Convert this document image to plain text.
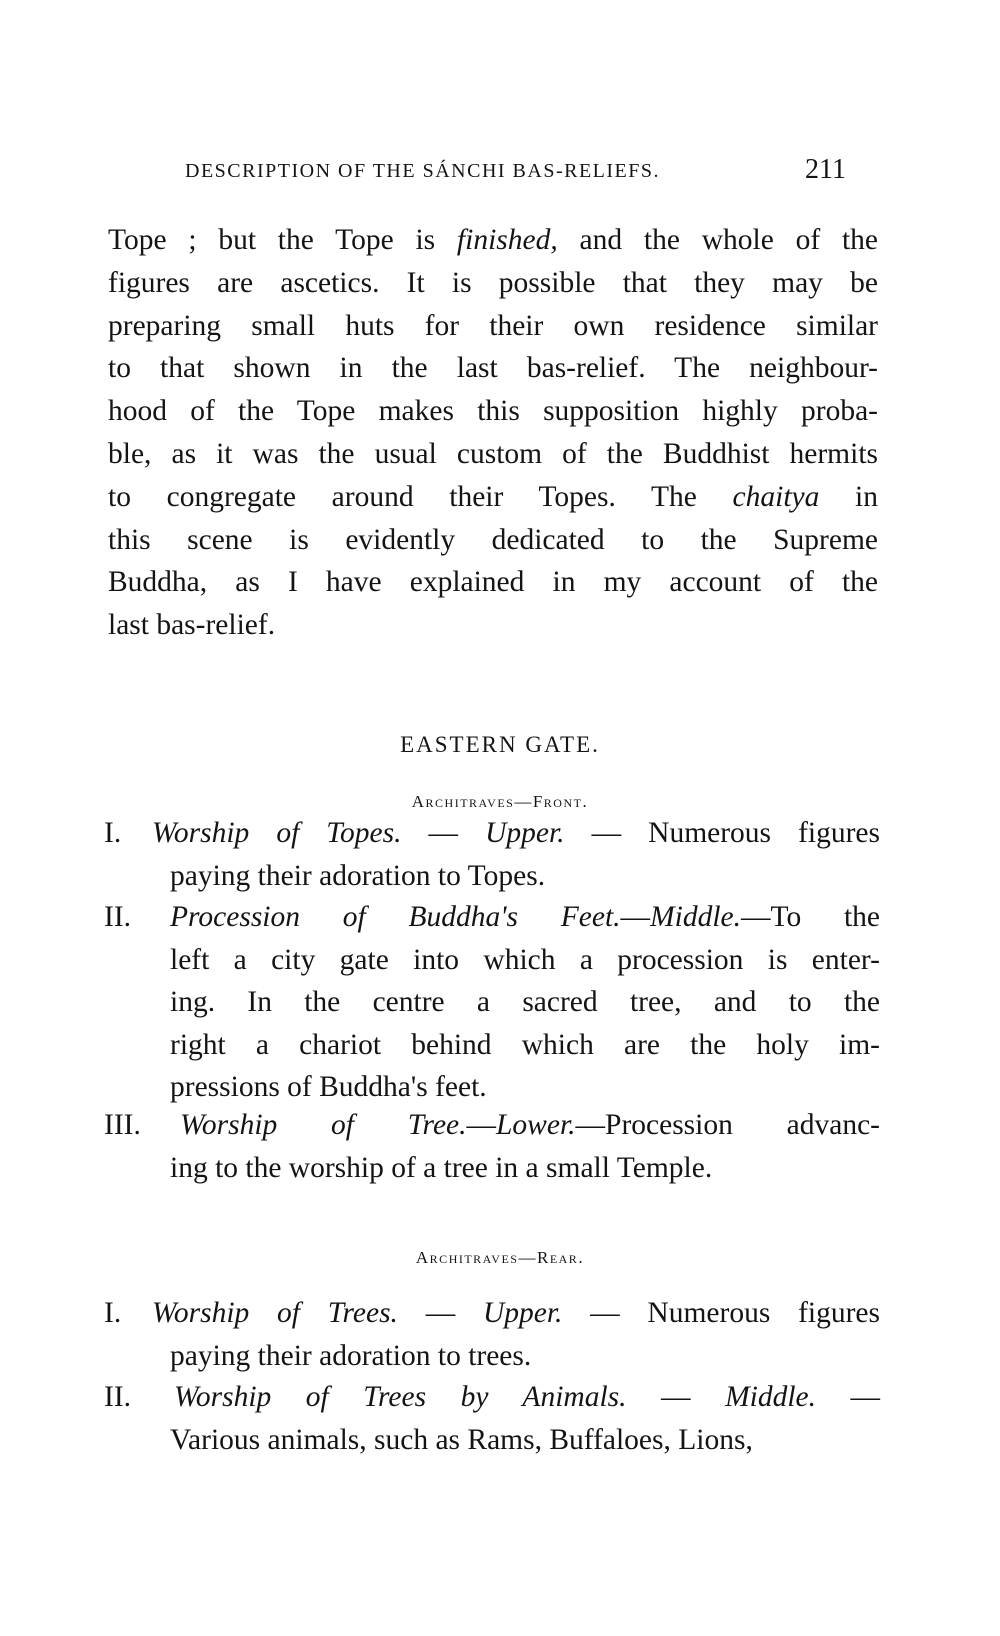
DESCRIPTION OF THE SÁNCHI BAS-RELIEFS.	211
Tope ; but the Tope is finished, and the whole of the
figures are ascetics. It is possible that they may be
preparing small huts for their own residence similar
to that shown in the last bas-relief. The neighbour-
hood of the Tope makes this supposition highly proba-
ble, as it was the usual custom of the Buddhist hermits
to congregate around their Topes. The chaitya in
this scene is evidently dedicated to the Supreme
Buddha, as I have explained in my account of the
last bas-relief.
EASTERN GATE.
Architraves—Front.
I. Worship of Topes. — Upper. — Numerous figures
paying their adoration to Topes.
II. Procession of Buddha's Feet.—Middle.—To the
left a city gate into which a procession is enter-
ing. In the centre a sacred tree, and to the
right a chariot behind which are the holy im-
pressions of Buddha's feet.
III. Worship of Tree.—Lower.—Procession advanc-
ing to the worship of a tree in a small Temple.
Architraves—Rear.
I. Worship of Trees. — Upper. — Numerous figures
paying their adoration to trees.
II. Worship of Trees by Animals. — Middle. —
Various animals, such as Rams, Buffaloes, Lions,
